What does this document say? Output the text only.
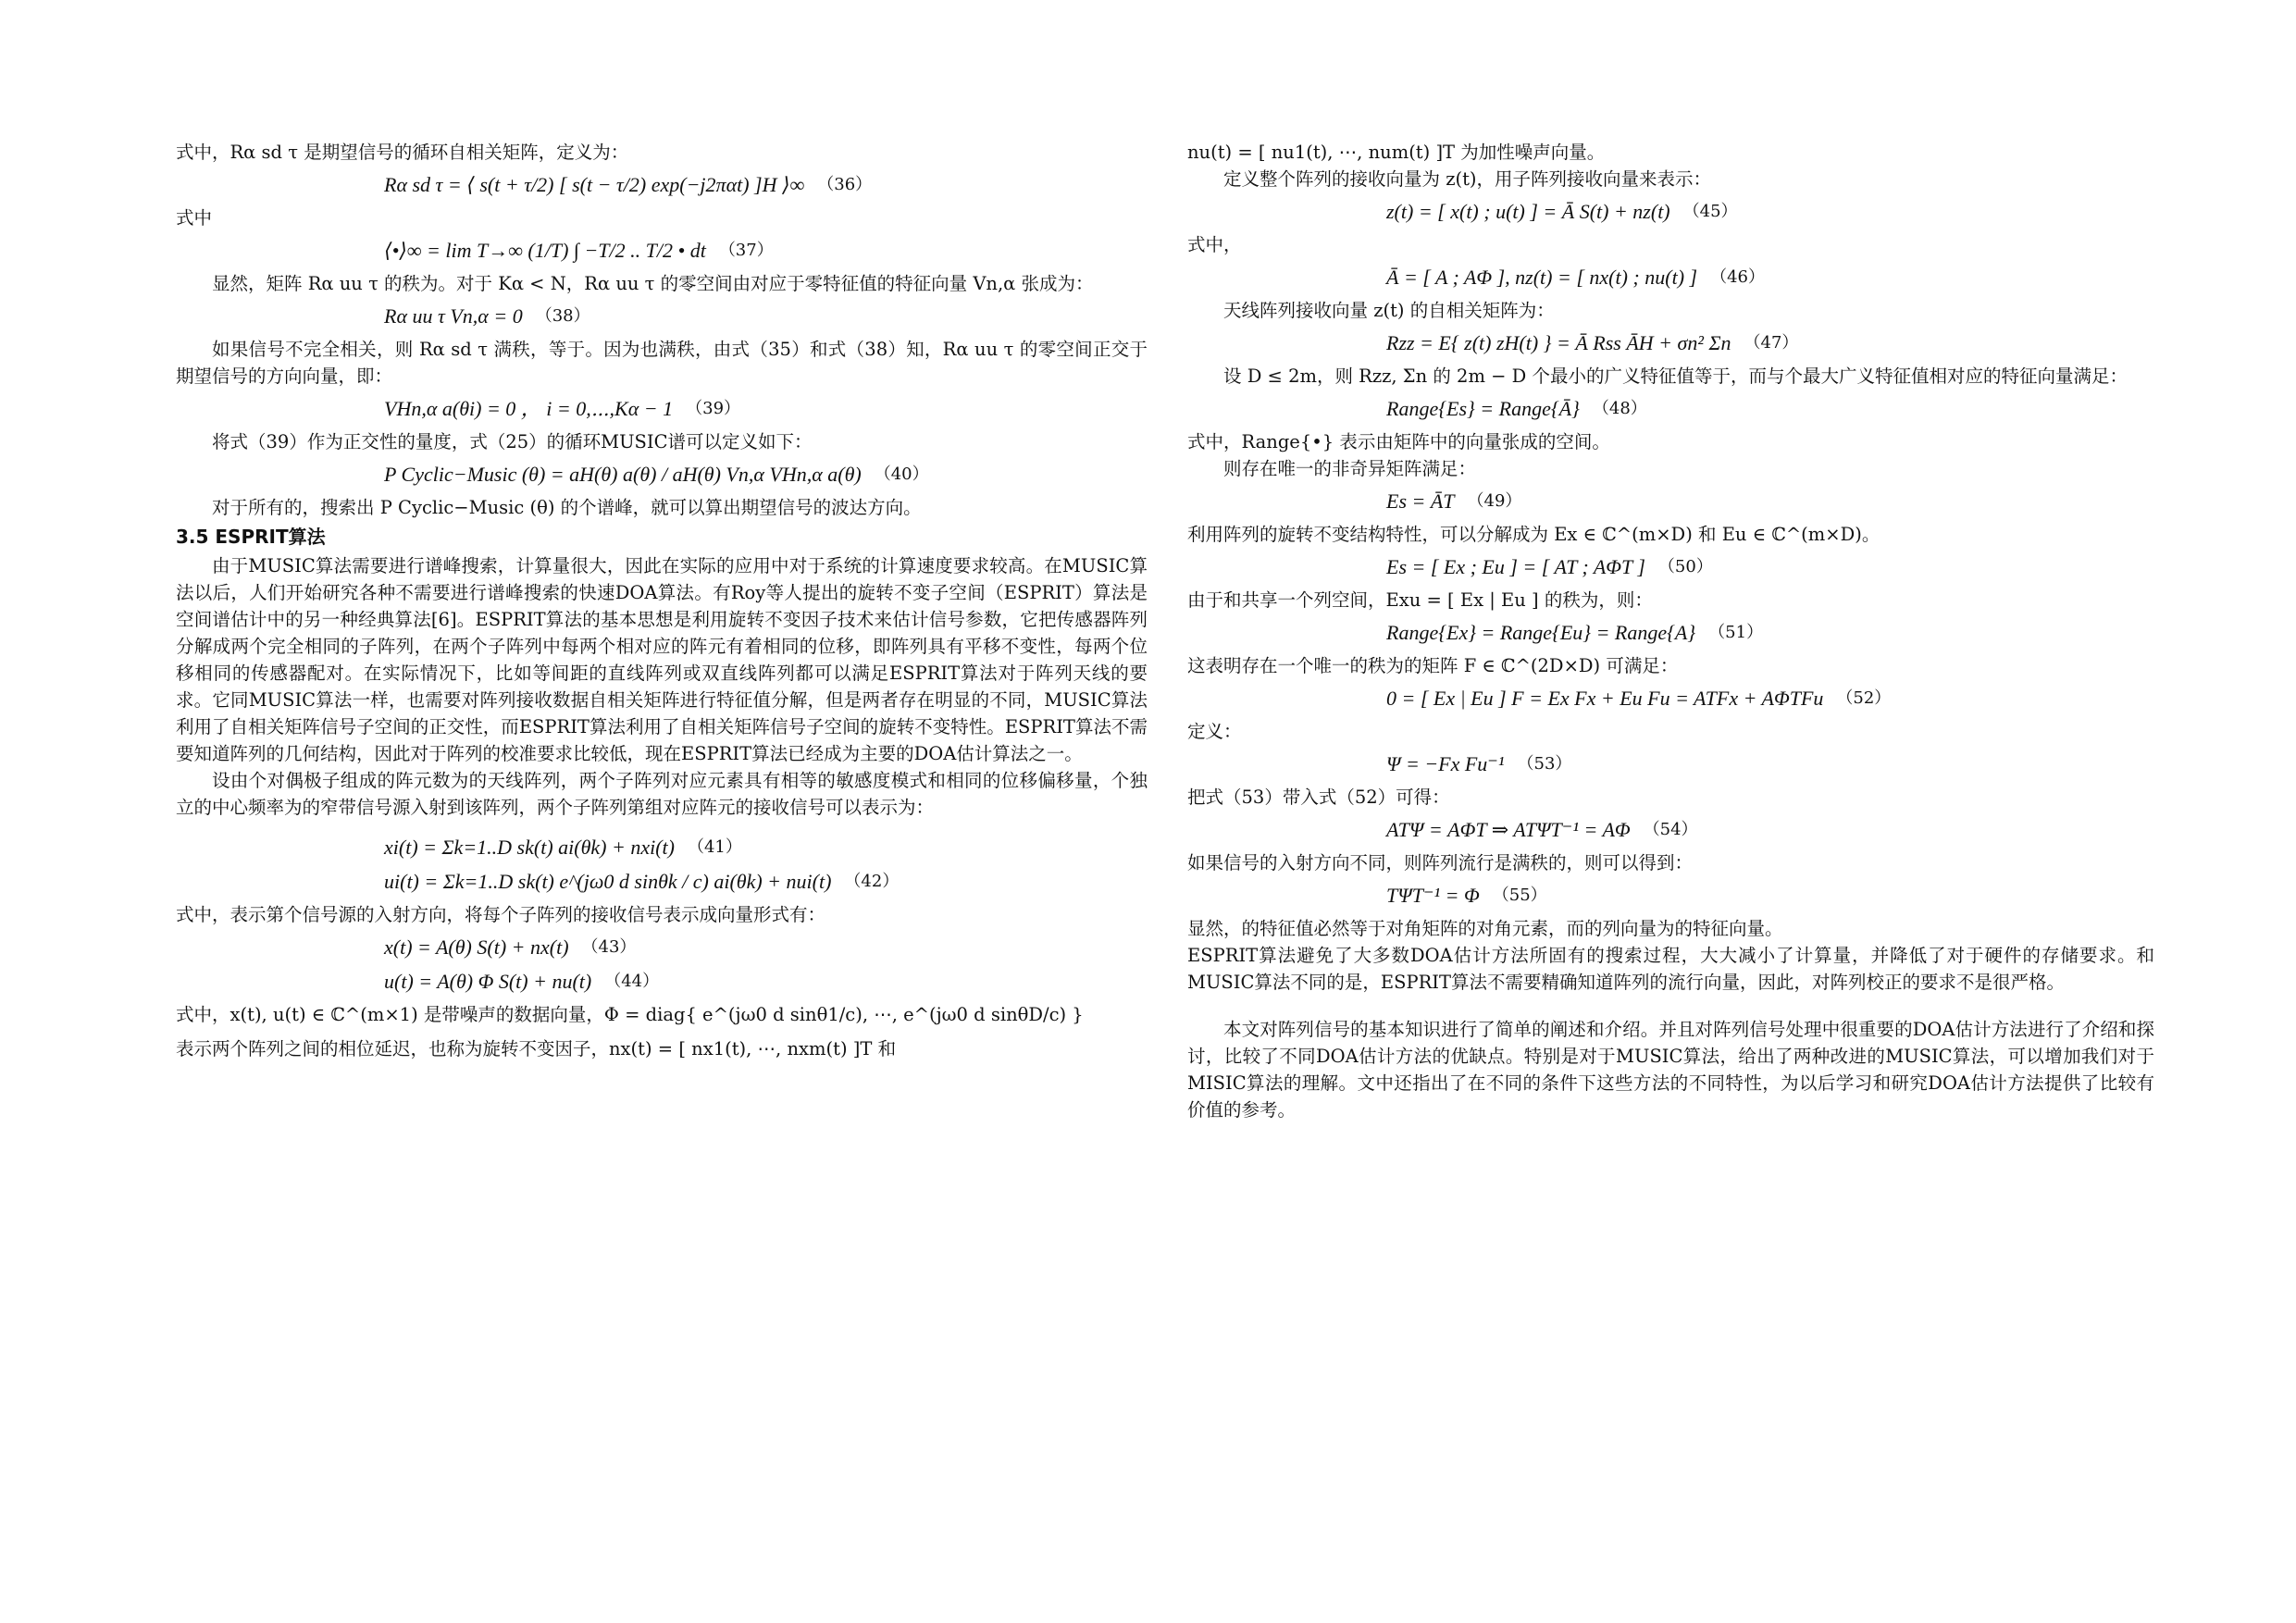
式中，Rα sd τ 是期望信号的循环自相关矩阵，定义为：

Rα sd τ = ⟨ s(t + τ/2) [ s(t − τ/2) exp(−j2παt) ]H ⟩∞ （36）

式中

⟨•⟩∞ = lim T→∞ (1/T) ∫ −T/2 .. T/2 • dt （37）

显然，矩阵 Rα uu τ 的秩为。对于 Kα < N，Rα uu τ 的零空间由对应于零特征值的特征向量 Vn,α 张成为：

Rα uu τ Vn,α = 0 （38）

如果信号不完全相关，则 Rα sd τ 满秩，等于。因为也满秩，由式（35）和式（38）知，Rα uu τ 的零空间正交于期望信号的方向向量，即：

VHn,α a(θi) = 0 ， i = 0,⋯,Kα − 1 （39）

将式（39）作为正交性的量度，式（25）的循环MUSIC谱可以定义如下：

P Cyclic−Music (θ) = aH(θ) a(θ) / aH(θ) Vn,α VHn,α a(θ) （40）

对于所有的，搜索出 P Cyclic−Music (θ) 的个谱峰，就可以算出期望信号的波达方向。

3.5 ESPRIT算法

由于MUSIC算法需要进行谱峰搜索，计算量很大，因此在实际的应用中对于系统的计算速度要求较高。在MUSIC算法以后，人们开始研究各种不需要进行谱峰搜索的快速DOA算法。有Roy等人提出的旋转不变子空间（ESPRIT）算法是空间谱估计中的另一种经典算法[6]。ESPRIT算法的基本思想是利用旋转不变因子技术来估计信号参数，它把传感器阵列分解成两个完全相同的子阵列，在两个子阵列中每两个相对应的阵元有着相同的位移，即阵列具有平移不变性，每两个位移相同的传感器配对。在实际情况下，比如等间距的直线阵列或双直线阵列都可以满足ESPRIT算法对于阵列天线的要求。它同MUSIC算法一样，也需要对阵列接收数据自相关矩阵进行特征值分解，但是两者存在明显的不同，MUSIC算法利用了自相关矩阵信号子空间的正交性，而ESPRIT算法利用了自相关矩阵信号子空间的旋转不变特性。ESPRIT算法不需要知道阵列的几何结构，因此对于阵列的校准要求比较低，现在ESPRIT算法已经成为主要的DOA估计算法之一。

设由个对偶极子组成的阵元数为的天线阵列，两个子阵列对应元素具有相等的敏感度模式和相同的位移偏移量，个独立的中心频率为的窄带信号源入射到该阵列，两个子阵列第组对应阵元的接收信号可以表示为：

xi(t) = Σk=1..D sk(t) ai(θk) + nxi(t) （41）
ui(t) = Σk=1..D sk(t) e^(jω0 d sinθk / c) ai(θk) + nui(t) （42）

式中，表示第个信号源的入射方向，将每个子阵列的接收信号表示成向量形式有：

x(t) = A(θ) S(t) + nx(t) （43）
u(t) = A(θ) Φ S(t) + nu(t) （44）

式中，x(t), u(t) ∈ ℂ^(m×1) 是带噪声的数据向量，Φ = diag{ e^(jω0 d sinθ1/c), ⋯, e^(jω0 d sinθD/c) }

表示两个阵列之间的相位延迟，也称为旋转不变因子，nx(t) = [ nx1(t), ⋯, nxm(t) ]T 和

nu(t) = [ nu1(t), ⋯, num(t) ]T 为加性噪声向量。

定义整个阵列的接收向量为 z(t)，用子阵列接收向量来表示：

z(t) = [ x(t) ; u(t) ] = Ā S(t) + nz(t) （45）

式中，

Ā = [ A ; AΦ ], nz(t) = [ nx(t) ; nu(t) ] （46）

天线阵列接收向量 z(t) 的自相关矩阵为：

Rzz = E{ z(t) zH(t) } = Ā Rss ĀH + σn² Σn （47）

设 D ≤ 2m，则 Rzz, Σn 的 2m − D 个最小的广义特征值等于，而与个最大广义特征值相对应的特征向量满足：

Range{Es} = Range{Ā} （48）

式中，Range{•} 表示由矩阵中的向量张成的空间。

则存在唯一的非奇异矩阵满足：

Es = ĀT （49）

利用阵列的旋转不变结构特性，可以分解成为 Ex ∈ ℂ^(m×D) 和 Eu ∈ ℂ^(m×D)。

Es = [ Ex ; Eu ] = [ AT ; AΦT ] （50）

由于和共享一个列空间，Exu = [ Ex | Eu ] 的秩为，则：

Range{Ex} = Range{Eu} = Range{A} （51）

这表明存在一个唯一的秩为的矩阵 F ∈ ℂ^(2D×D) 可满足：

0 = [ Ex | Eu ] F = Ex Fx + Eu Fu = ATFx + AΦTFu （52）

定义：

Ψ = −Fx Fu⁻¹ （53）

把式（53）带入式（52）可得：

ATΨ = AΦT ⇒ ATΨT⁻¹ = AΦ （54）

如果信号的入射方向不同，则阵列流行是满秩的，则可以得到：

TΨT⁻¹ = Φ （55）

显然，的特征值必然等于对角矩阵的对角元素，而的列向量为的特征向量。

ESPRIT算法避免了大多数DOA估计方法所固有的搜索过程，大大减小了计算量，并降低了对于硬件的存储要求。和MUSIC算法不同的是，ESPRIT算法不需要精确知道阵列的流行向量，因此，对阵列校正的要求不是很严格。

本文对阵列信号的基本知识进行了简单的阐述和介绍。并且对阵列信号处理中很重要的DOA估计方法进行了介绍和探讨，比较了不同DOA估计方法的优缺点。特别是对于MUSIC算法，给出了两种改进的MUSIC算法，可以增加我们对于MISIC算法的理解。文中还指出了在不同的条件下这些方法的不同特性，为以后学习和研究DOA估计方法提供了比较有价值的参考。
